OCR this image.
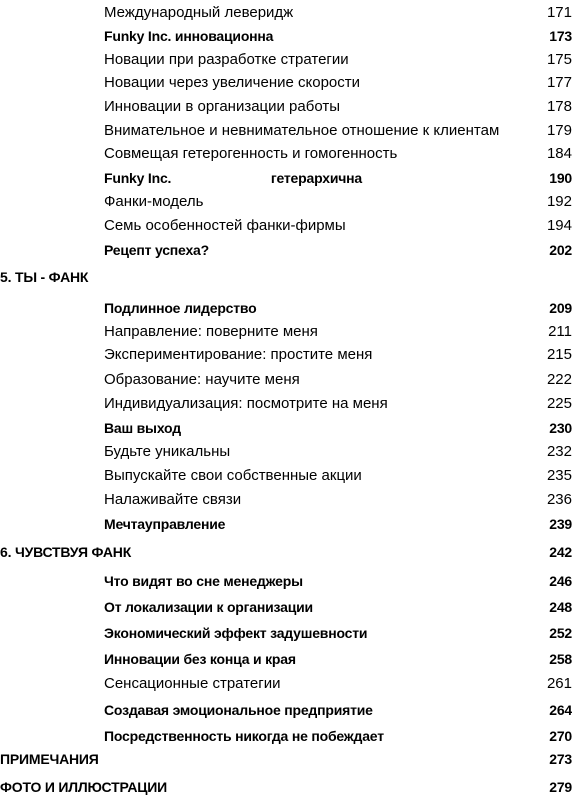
Международный леверидж	171
Funky Inc. инновационна	173
Новации при разработке стратегии	175
Новации через увеличение скорости	177
Инновации в организации работы	178
Внимательное и невнимательное отношение к клиентам	179
Совмещая гетерогенность и гомогенность	184
Funky Inc.                           гетерархична	190
Фанки-модель	192
Семь особенностей фанки-фирмы	194
Рецепт успеха?	202
5. ТЫ - ФАНК
Подлинное лидерство	209
Направление: поверните меня	211
Экспериментирование: простите меня	215
Образование: научите меня	222
Индивидуализация: посмотрите на меня	225
Ваш выход	230
Будьте уникальны	232
Выпускайте свои собственные акции	235
Налаживайте связи	236
Мечтауправление	239
6. ЧУВСТВУЯ ФАНК	242
Что видят во сне менеджеры	246
От локализации к организации	248
Экономический эффект задушевности	252
Инновации без конца и края	258
Сенсационные стратегии	261
Создавая эмоциональное предприятие	264
Посредственность никогда не побеждает	270
ПРИМЕЧАНИЯ	273
ФОТО И ИЛЛЮСТРАЦИИ	279
